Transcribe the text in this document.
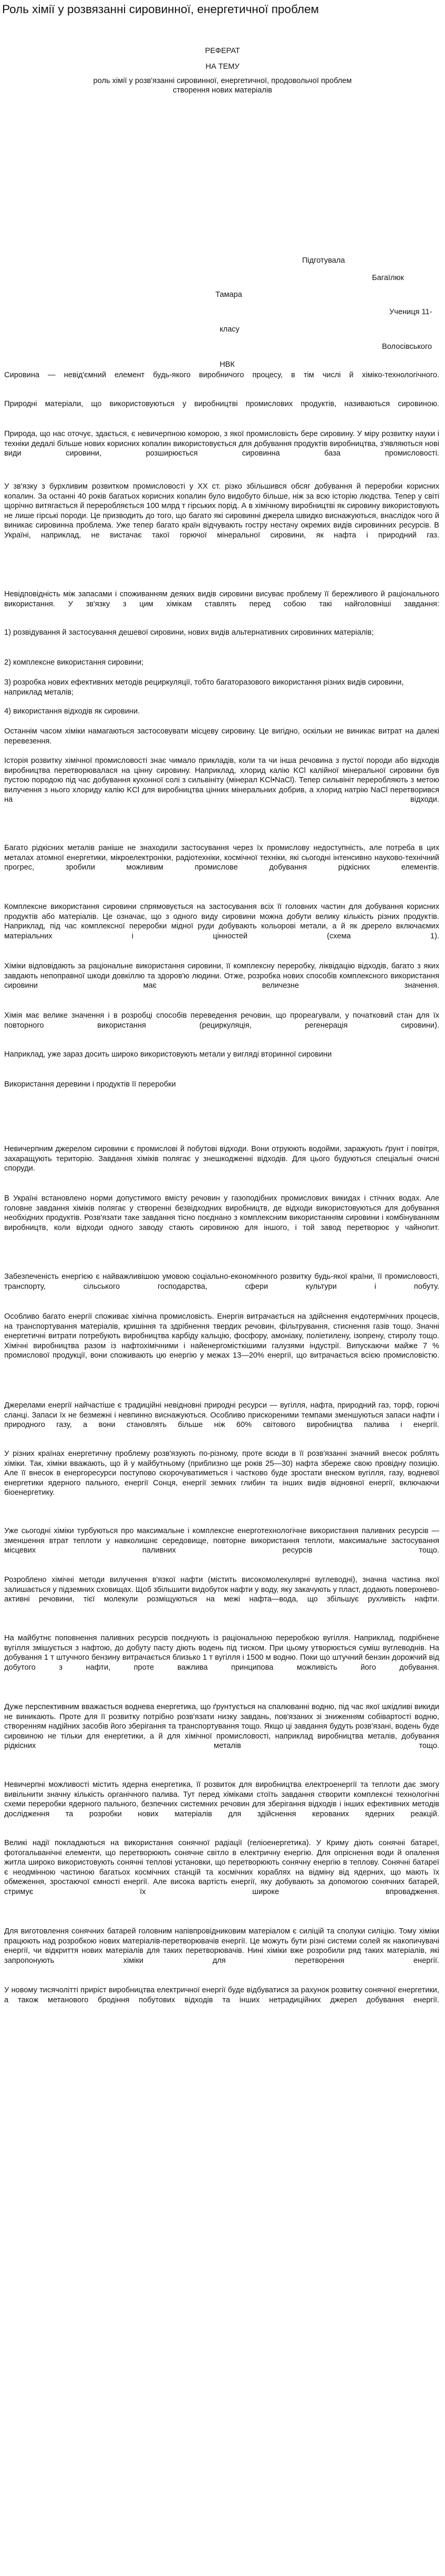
Роль хімії у розвязанні сировинної, енергетичної проблем
РЕФЕРАТ
НА ТЕМУ
роль хімії у розв'язанні сировинної, енергетичної, продовольчої проблем
створення нових матеріалів
Підготувала
Багаїлюк
Тамара
Учениця 11-
класу
Волосівського
НВК

Сировина — невід'ємний елемент будь-якого виробничого процесу, в тім числі й хіміко-технологічного.

Природні матеріали, що використовуються у виробництві промислових продуктів, називаються сировиною.

Природа, що нас оточує, здається, є невичерпною коморою, з якої промисловість бере сировину. У міру розвитку науки і техніки дедалі більше нових корисних копалин використовується для добування продуктів виробництва, з'являються нові види сировини, розширюється сировинна база промисловості.

У зв'язку з бурхливим розвитком промисловості у XX ст. різко збільшився обсяг добування й переробки корисних копалин. За останні 40 років багатьох корисних копалин було видобуто більше, ніж за всю історію людства. Тепер у світі щорічно витягається й переробляється 100 млрд т гірських порід. А в хімічному виробництві як сировину використовують не лише гірські породи. Це призводить до того, що багато які сировинні джерела швидко виснажуються, внаслідок чого й виникає сировинна проблема. Уже тепер багато країн відчувають гостру нестачу окремих видів сировинних ресурсів. В Україні, наприклад, не вистачає такої горючої мінеральної сировини, як нафта і природний газ.

Невідповідність між запасами і споживанням деяких видів сировини висуває проблему її бережливого й раціонального використання. У зв'язку з цим хімікам ставлять перед собою такі найголовніші завдання:

1) розвідування й застосування дешевої сировини, нових видів альтернативних сировинних матеріалів;

2) комплексне використання сировини;

3) розробка нових ефективних методів рециркуляції, тобто багаторазового використання різних видів сировини, наприклад металів;

4) використання відходів як сировини.

Останнім часом хіміки намагаються застосовувати місцеву сировину. Це вигідно, оскільки не виникає витрат на далекі перевезення.

Історія розвитку хімічної промисловості знає чимало прикладів, коли та чи інша речовина з пустої породи або відходів виробництва перетворювалася на цінну сировину. Наприклад, хлорид калію KCl калійної мінеральної сировини був пустою породою під час добування кухонної солі з сильвініту (мінерал KCl•NaCl). Тепер сильвініт переробляють з метою вилучення з нього хлориду калію KCl для виробництва цінних мінеральних добрив, а хлорид натрію NaCl перетворився на відходи.

Багато рідкісних металів раніше не знаходили застосування через їх промислову недоступність, але потреба в цих металах атомної енергетики, мікроелектроніки, радіотехніки, космічної техніки, які сьогодні інтенсивно науково-технічний прогрес, зробили можливим промислове добування рідкісних елементів.

Комплексне використання сировини спрямовується на застосування всіх її головних частин для добування корисних продуктів або матеріалів. Це означає, що з одного виду сировини можна добути велику кількість різних продуктів. Наприклад, під час комплексної переробки мідної руди добувають кольорові метали, а й як дререло включаємих матеріальних і цінностей (схема 1).

Хіміки відповідають за раціональне використання сировини, її комплексну переробку, ліквідацію відходів, багато з яких завдають непоправної шкоди довкіллю та здоров'ю людини. Отже, розробка нових способів комплексного використання сировини має величезне значення.

Хімія має велике значення і в розробці способів переведення речовин, що прореагували, у початковий стан для їх повторного використання (рециркуляція, регенерація сировини).

Наприклад, уже зараз досить широко використовують метали у вигляді вторинної сировини

Використання деревини і продуктів її переробки

Невичерпним джерелом сировини є промислові й побутові відходи. Вони отруюють водойми, заражують ґрунт і повітря, захаращують територію. Завдання хіміків полягає у знешкодженні відходів. Для цього будуються спеціальні очисні споруди.

В Україні встановлено норми допустимого вмісту речовин у газоподібних промислових викидах і стічних водах. Але головне завдання хіміків полягає у створенні безвідходних виробництв, де відходи використовуються для добування необхідних продуктів. Розв'язати таке завдання тісно поєднано з комплексним використанням сировини і комбінуванням виробництв, коли відходи одного заводу стають сировиною для іншого, і той завод перетворює у чайнопит.

Забезпеченість енергією є найважливішою умовою соціально-економічного розвитку будь-якої країни, її промисловості, транспорту, сільського господарства, сфери культури і побуту.

Особливо багато енергії споживає хімічна промисловість. Енергія витрачається на здійснення ендотермічних процесів, на транспортування матеріалів, кришіння та здрібнення твердих речовин, фільтрування, стиснення газів тощо. Значні енергетичні витрати потребують виробництва карбіду кальцію, фосфору, амоніаку, поліетилену, ізопрену, стиролу тощо. Хімічні виробництва разом із нафтохімічними і найенергомісткішими галузями індустрії. Випускаючи майже 7 % промислової продукції, вони споживають цю енергію у межах 13—20% енергії, що витрачається всією промисловістю.

Джерелами енергії найчастіше є традиційні невідновні природні ресурси — вугілля, нафта, природний газ, торф, горючі сланці. Запаси їх не безмежні і невпинно виснажуються. Особливо прискореними темпами зменшуються запаси нафти і природного газу, а вони становлять більше ніж 60% світового виробництва палива і енергії.

У різних країнах енергетичну проблему розв'язують по-різному, проте всюди в її розв'язанні значний внесок роблять хіміки. Так, хіміки вважають, що й у майбутньому (приблизно ще років 25—30) нафта збереже свою провідну позицію. Але її внесок в енергоресурси поступово скорочуватиметься і частково буде зростати внеском вугілля, газу, водневої енергетики ядерного пального, енергії Сонця, енергії земних глибин та інших видів відновної енергії, включаючи біоенергетику.

Уже сьогодні хіміки турбуються про максимальне і комплексне енерготехнологічне використання паливних ресурсів — зменшення втрат теплоти у навколишнє середовище, повторне використання теплоти, максимальне застосування місцевих паливних ресурсів тощо.

Розроблено хімічні методи вилучення в'язкої нафти (містить високомолекулярні вуглеводні), значна частина якої залишається у підземних сховищах. Щоб збільшити видобуток нафти у воду, яку закачують у пласт, додають поверхнево-активні речовини, тієї молекули розміщуються на межі нафта—вода, що збільшує рухливість нафти.

На майбутнє поповнення паливних ресурсів поєднують із раціональною переробкою вугілля. Наприклад, подрібнене вугілля змішується з нафтою, до добуту пасту діють водень під тиском. При цьому утворюється суміш вуглеводнів. На добування 1 т штучного бензину витрачається близько 1 т вугілля і 1500 м водню. Поки що штучний бензин дорожчий від добутого з нафти, проте важлива принципова можливість його добування.

Дуже перспективним вважається воднева енергетика, що ґрунтується на спалюванні водню, під час якої шкідливі викиди не виникають. Проте для її розвитку потрібно розв'язати низку завдань, пов'язаних зі зниженням собівартості водню, створенням надійних засобів його зберігання та транспортування тощо. Якщо ці завдання будуть розв'язані, водень буде сировиною не тільки для енергетики, а й для хімічної промисловості, наприклад виробництва металів, добування рідкісних металів тощо.

Невичерпні можливості містить ядерна енергетика, її розвиток для виробництва електроенергії та теплоти дає змогу вивільнити значну кількість органічного палива. Тут перед хіміками стоїть завдання створити комплексні технологічні схеми переробки ядерного пального, безпечних системних речовин для зберігання відходів і інших ефективних методів дослідження та розробки нових матеріалів для здійснення керованих ядерних реакцій.

Великі надії покладаються на використання сонячної радіації (геліоенергетика). У Криму діють сонячні батареї, фотогальванічні елементи, що перетворюють сонячне світло в електричну енергію. Для опріснення води й опалення житла широко використовують сонячні теплові установки, що перетворюють сонячну енергію в теплову. Сонячні батареї є неодмінною частиною багатьох космічних станцій та космічних кораблях на відміну від ядерних, що мають їх обмеження, зростаючої ємності енергії. Але висока вартість енергії, яку добувають за допомогою сонячних батарей, стримує їх широке впровадження.

Для виготовлення сонячних батарей головним напівпровідниковим матеріалом є силіцій та сполуки силіцію. Тому хіміки працюють над розробкою нових матеріалів-перетворювачів енергії. Це можуть бути різні системи солей як накопичувачі енергії, чи відкриття нових матеріалів для таких перетворювачів. Нині хіміки вже розробили ряд таких матеріалів, які запропонують хіміки для перетворення енергії.

У новому тисячолітті приріст виробництва електричної енергії буде відбуватися за рахунок розвитку сонячної енергетики, а також метанового бродіння побутових відходів та інших нетрадиційних джерел добування енергії.
